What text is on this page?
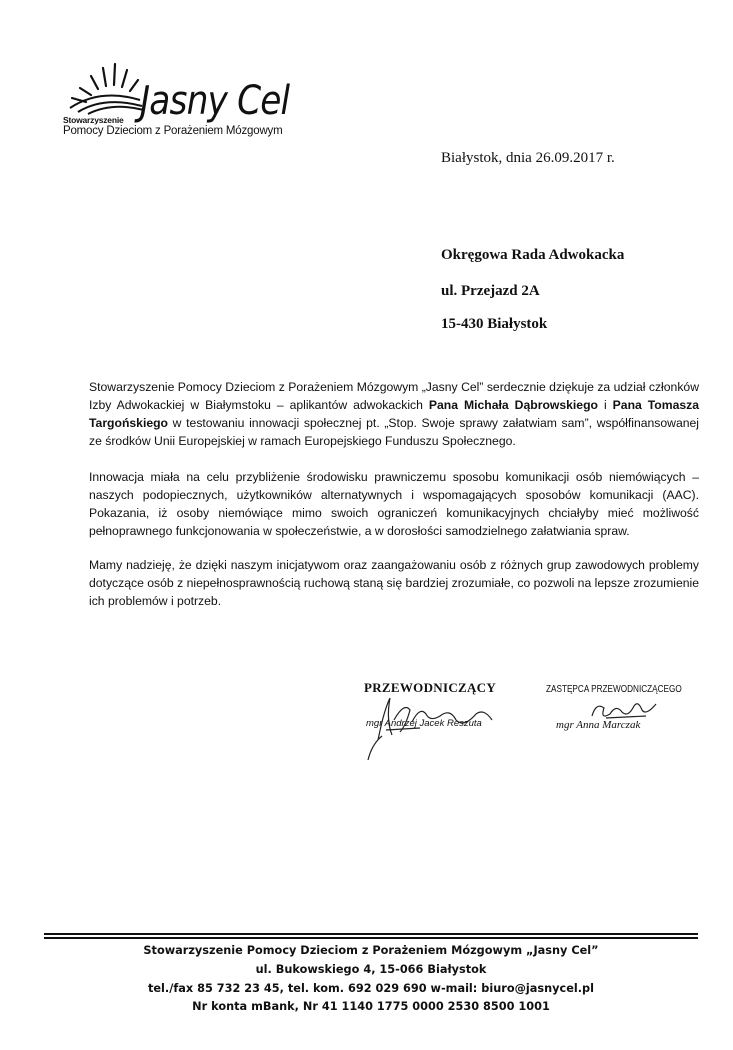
Jasny Cel
Stowarzyszenie
Pomocy Dzieciom z Porażeniem Mózgowym
Białystok, dnia 26.09.2017 r.
Okręgowa Rada Adwokacka
ul. Przejazd 2A
15-430 Białystok
Stowarzyszenie Pomocy Dzieciom z Porażeniem Mózgowym „Jasny Cel” serdecznie dziękuje za udział członków Izby Adwokackiej w Białymstoku – aplikantów adwokackich Pana Michała Dąbrowskiego i Pana Tomasza Targońskiego w testowaniu innowacji społecznej pt. „Stop. Swoje sprawy załatwiam sam”, współfinansowanej ze środków Unii Europejskiej w ramach Europejskiego Funduszu Społecznego.
Innowacja miała na celu przybliżenie środowisku prawniczemu sposobu komunikacji osób niemówiących – naszych podopiecznych, użytkowników alternatywnych i wspomagających sposobów komunikacji (AAC). Pokazania, iż osoby niemówiące mimo swoich ograniczeń komunikacyjnych chciałyby mieć możliwość pełnoprawnego funkcjonowania w społeczeństwie, a w dorosłości samodzielnego załatwiania spraw.
Mamy nadzieję, że dzięki naszym inicjatywom oraz zaangażowaniu osób z różnych grup zawodowych problemy dotyczące osób z niepełnosprawnością ruchową staną się bardziej zrozumiałe, co pozwoli na lepsze zrozumienie ich problemów i potrzeb.
PRZEWODNICZĄCY
mgr Andrzej Jacek Reszuta
ZASTĘPCA PRZEWODNICZĄCEGO
mgr Anna Marczak
Stowarzyszenie Pomocy Dzieciom z Porażeniem Mózgowym „Jasny Cel”
ul. Bukowskiego 4, 15-066 Białystok
tel./fax 85 732 23 45, tel. kom. 692 029 690 w-mail: biuro@jasnycel.pl
Nr konta mBank, Nr 41 1140 1775 0000 2530 8500 1001
